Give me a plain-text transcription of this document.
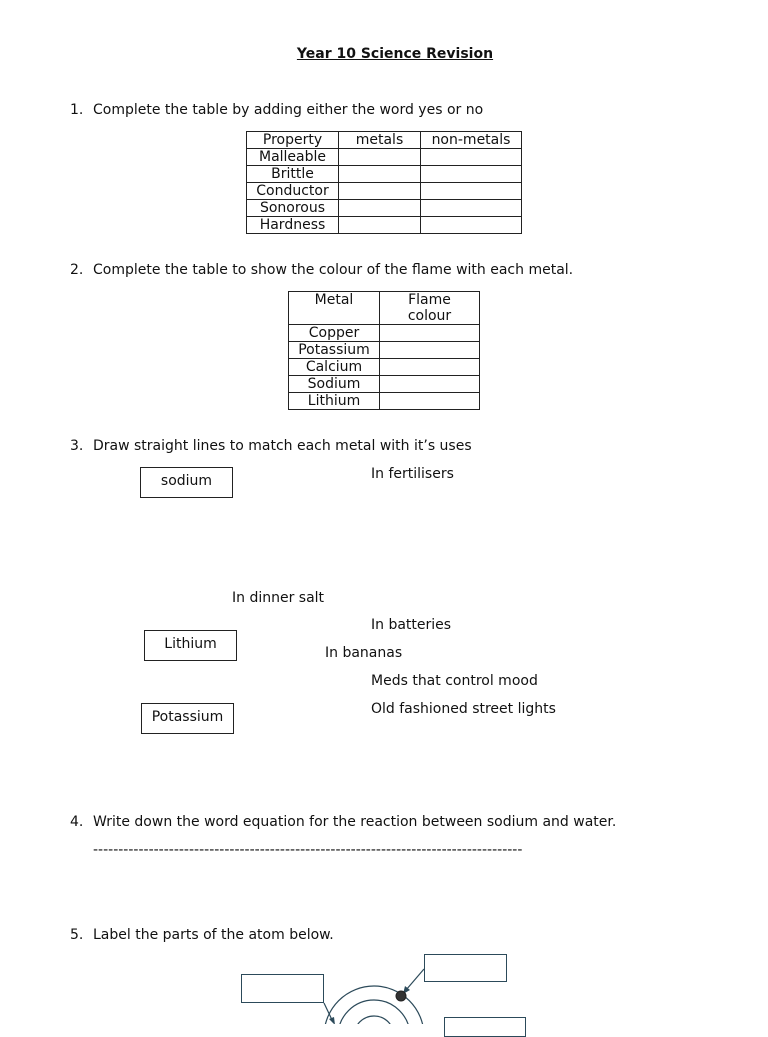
Year 10 Science Revision
1. Complete the table by adding either the word yes or no
Property	metals	non-metals
Malleable		
Brittle		
Conductor		
Sonorous		
Hardness		
2. Complete the table to show the colour of the flame with each metal.
Metal	Flame colour
Copper	
Potassium	
Calcium	
Sodium	
Lithium	
3. Draw straight lines to match each metal with it’s uses
sodium
Lithium
Potassium
In fertilisers
In dinner salt
In batteries
In bananas
Meds that control mood
Old fashioned street lights
4. Write down the word equation for the reaction between sodium and water.
-------------------------------------------------------------------------------------
5. Label the parts of the atom below.
